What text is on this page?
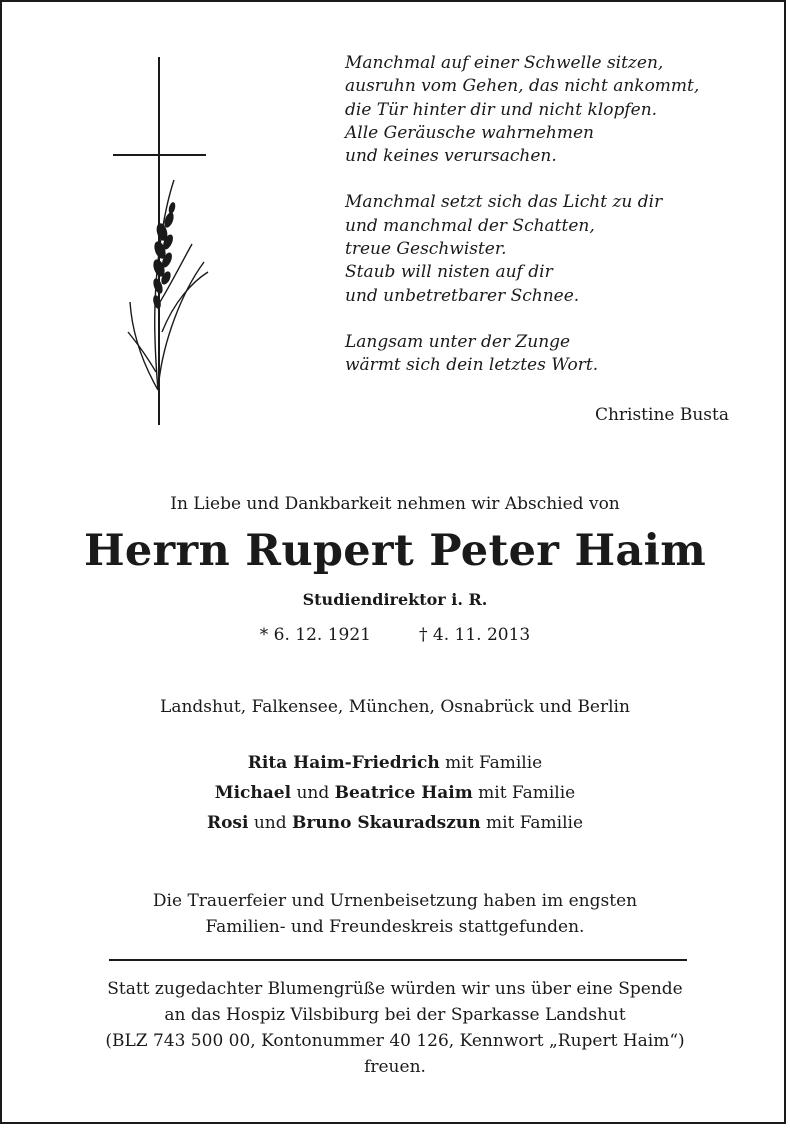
Manchmal auf einer Schwelle sitzen,
ausruhn vom Gehen, das nicht ankommt,
die Tür hinter dir und nicht klopfen.
Alle Geräusche wahrnehmen
und keines verursachen.
Manchmal setzt sich das Licht zu dir
und manchmal der Schatten,
treue Geschwister.
Staub will nisten auf dir
und unbetretbarer Schnee.
Langsam unter der Zunge
wärmt sich dein letztes Wort.
Christine Busta
In Liebe und Dankbarkeit nehmen wir Abschied von
Herrn Rupert Peter Haim
Studiendirektor i. R.
* 6. 12. 1921	† 4. 11. 2013
Landshut, Falkensee, München, Osnabrück und Berlin
Rita Haim-Friedrich mit Familie
Michael und Beatrice Haim mit Familie
Rosi und Bruno Skauradszun mit Familie
Die Trauerfeier und Urnenbeisetzung haben im engsten
Familien- und Freundeskreis stattgefunden.
Statt zugedachter Blumengrüße würden wir uns über eine Spende
an das Hospiz Vilsbiburg bei der Sparkasse Landshut
(BLZ 743 500 00, Kontonummer 40 126, Kennwort „Rupert Haim“)
freuen.
